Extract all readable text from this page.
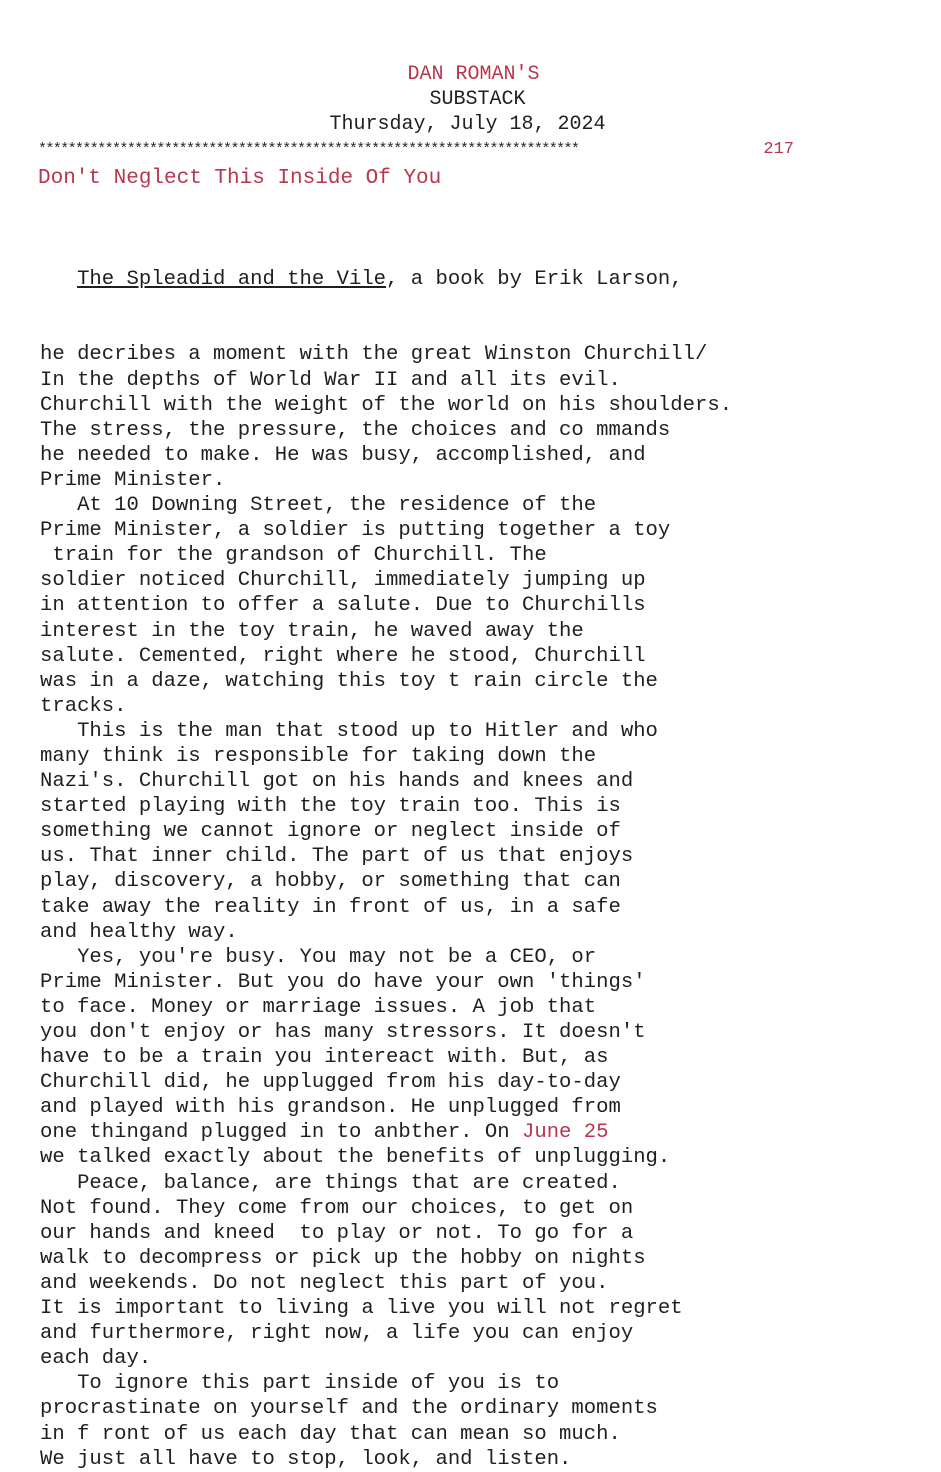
DAN ROMAN'S
SUBSTACK
Thursday, July 18, 2024
*************************************************************************	217
Don't Neglect This Inside Of You

The Spleadid and the Vile, a book by Erik Larson,

he decribes a moment with the great Winston Churchill/
In the depths of World War II and all its evil.
Churchill with the weight of the world on his shoulders.
The stress, the pressure, the choices and co mmands
he needed to make. He was busy, accomplished, and
Prime Minister.
At 10 Downing Street, the residence of the
Prime Minister, a soldier is putting together a toy
train for the grandson of Churchill. The
soldier noticed Churchill, immediately jumping up
in attention to offer a salute. Due to Churchills
interest in the toy train, he waved away the
salute. Cemented, right where he stood, Churchill
was in a daze, watching this toy t rain circle the
tracks.
This is the man that stood up to Hitler and who
many think is responsible for taking down the
Nazi's. Churchill got on his hands and knees and
started playing with the toy train too. This is
something we cannot ignore or neglect inside of
us. That inner child. The part of us that enjoys
play, discovery, a hobby, or something that can
take away the reality in front of us, in a safe
and healthy way.
Yes, you're busy. You may not be a CEO, or
Prime Minister. But you do have your own 'things'
to face. Money or marriage issues. A job that
you don't enjoy or has many stressors. It doesn't
have to be a train you intereact with. But, as
Churchill did, he upplugged from his day-to-day
and played with his grandson. He unplugged from
one thingand plugged in to anbther. On June 25
we talked exactly about the benefits of unplugging.
Peace, balance, are things that are created.
Not found. They come from our choices, to get on
our hands and kneed  to play or not. To go for a
walk to decompress or pick up the hobby on nights
and weekends. Do not neglect this part of you.
It is important to living a live you will not regret
and furthermore, right now, a life you can enjoy
each day.
To ignore this part inside of you is to
procrastinate on yourself and the ordinary moments
in f ront of us each day that can mean so much.
We just all have to stop, look, and listen.
